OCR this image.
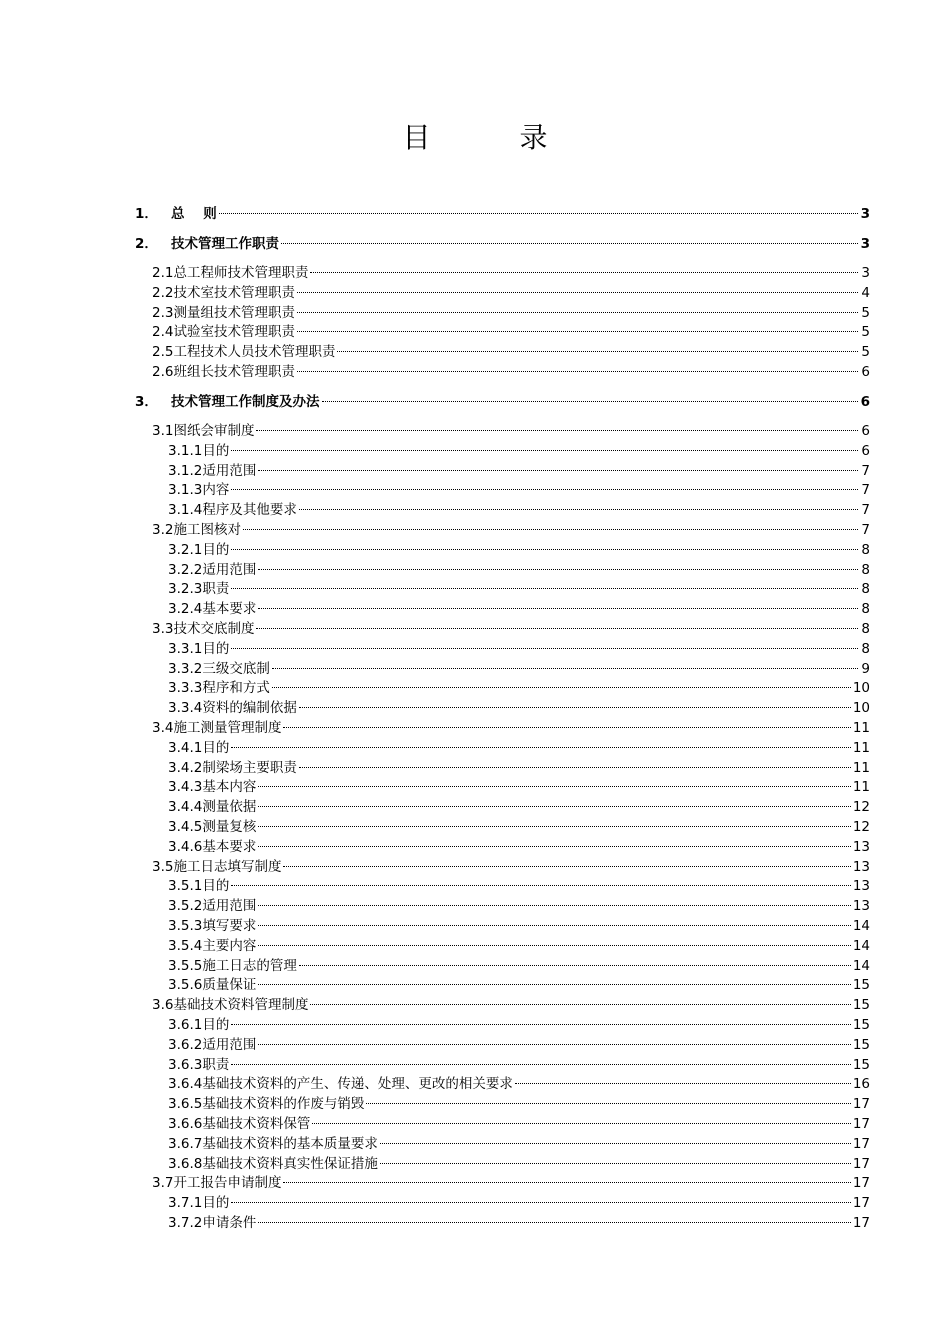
目 录
1． 总    则	3
2． 技术管理工作职责	3
2.1 总工程师技术管理职责	3
2.2 技术室技术管理职责	4
2.3 测量组技术管理职责	5
2.4 试验室技术管理职责	5
2.5 工程技术人员技术管理职责	5
2.6 班组长技术管理职责	6
3． 技术管理工作制度及办法	6
3.1 图纸会审制度	6
3.1.1 目的	6
3.1.2 适用范围	7
3.1.3 内容	7
3.1.4 程序及其他要求	7
3.2 施工图核对	7
3.2.1 目的	8
3.2.2 适用范围	8
3.2.3 职责	8
3.2.4 基本要求	8
3.3 技术交底制度	8
3.3.1 目的	8
3.3.2 三级交底制	9
3.3.3 程序和方式	10
3.3.4 资料的编制依据	10
3.4 施工测量管理制度	11
3.4.1 目的	11
3.4.2 制梁场主要职责	11
3.4.3 基本内容	11
3.4.4 测量依据	12
3.4.5 测量复核	12
3.4.6 基本要求	13
3.5 施工日志填写制度	13
3.5.1 目的	13
3.5.2 适用范围	13
3.5.3 填写要求	14
3.5.4 主要内容	14
3.5.5 施工日志的管理	14
3.5.6 质量保证	15
3.6 基础技术资料管理制度	15
3.6.1 目的	15
3.6.2 适用范围	15
3.6.3 职责	15
3.6.4 基础技术资料的产生、传递、处理、更改的相关要求	16
3.6.5 基础技术资料的作废与销毁	17
3.6.6 基础技术资料保管	17
3.6.7 基础技术资料的基本质量要求	17
3.6.8 基础技术资料真实性保证措施	17
3.7 开工报告申请制度	17
3.7.1 目的	17
3.7.2 申请条件	17
